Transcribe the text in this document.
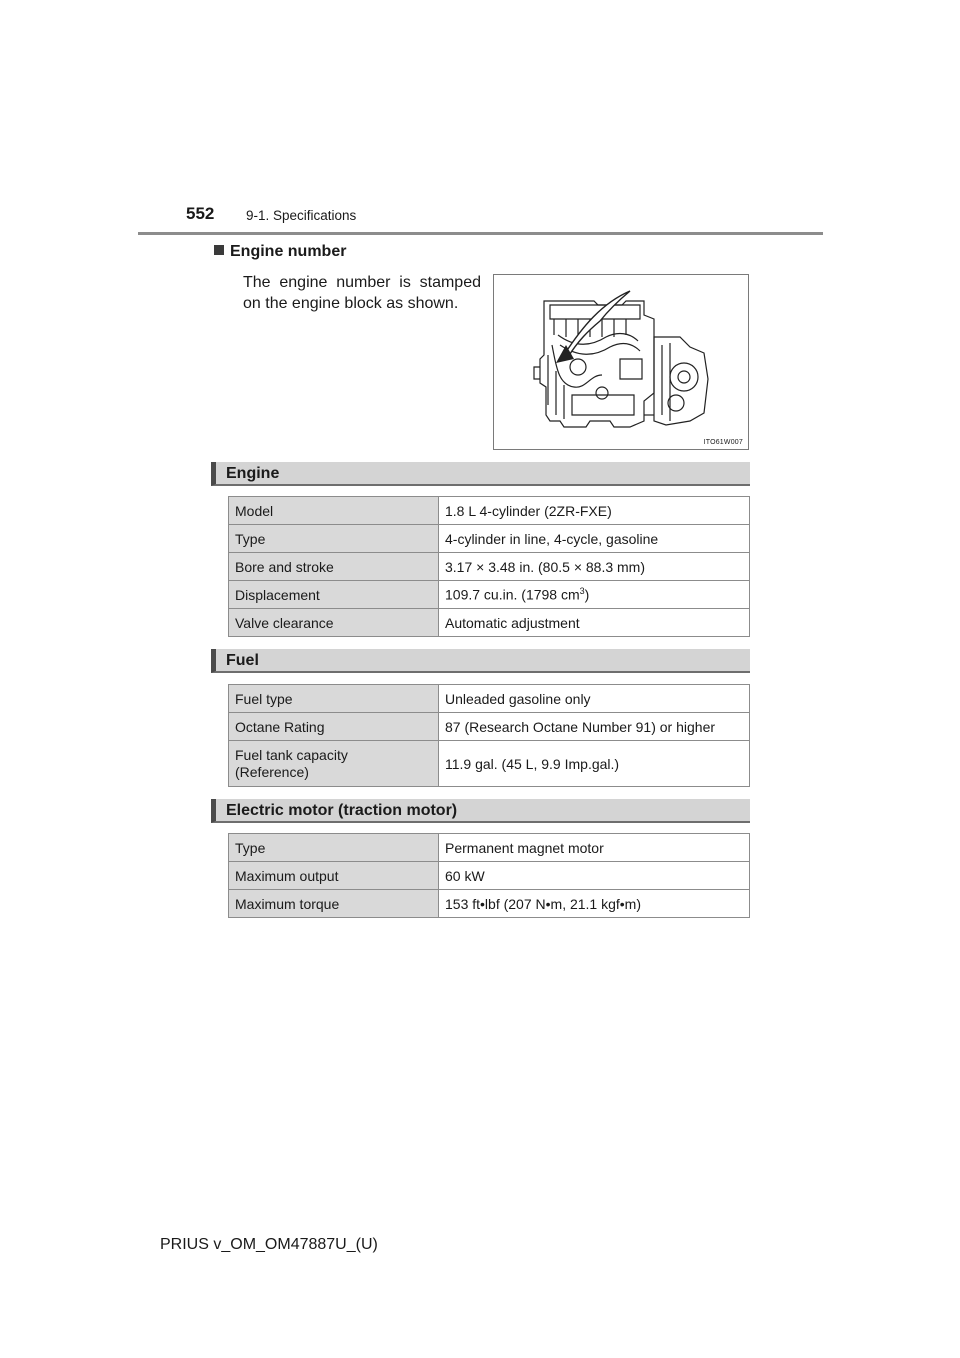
552 9-1. Specifications
Engine number
The engine number is stamped on the engine block as shown.
ITO61W007
Engine
Model	1.8 L 4-cylinder (2ZR-FXE)
Type	4-cylinder in line, 4-cycle, gasoline
Bore and stroke	3.17 × 3.48 in. (80.5 × 88.3 mm)
Displacement	109.7 cu.in. (1798 $cm^3$)
Valve clearance	Automatic adjustment
Fuel
Fuel type	Unleaded gasoline only
Octane Rating	87 (Research Octane Number 91) or higher

Fuel tank capacity
(Reference)	11.9 gal. (45 L, 9.9 Imp.gal.)
Electric motor (traction motor)
Type	Permanent magnet motor
Maximum output	60 kW
Maximum torque	153 ft•lbf (207 N•m, 21.1 kgf•m)
PRIUS v_OM_OM47887U_(U)
